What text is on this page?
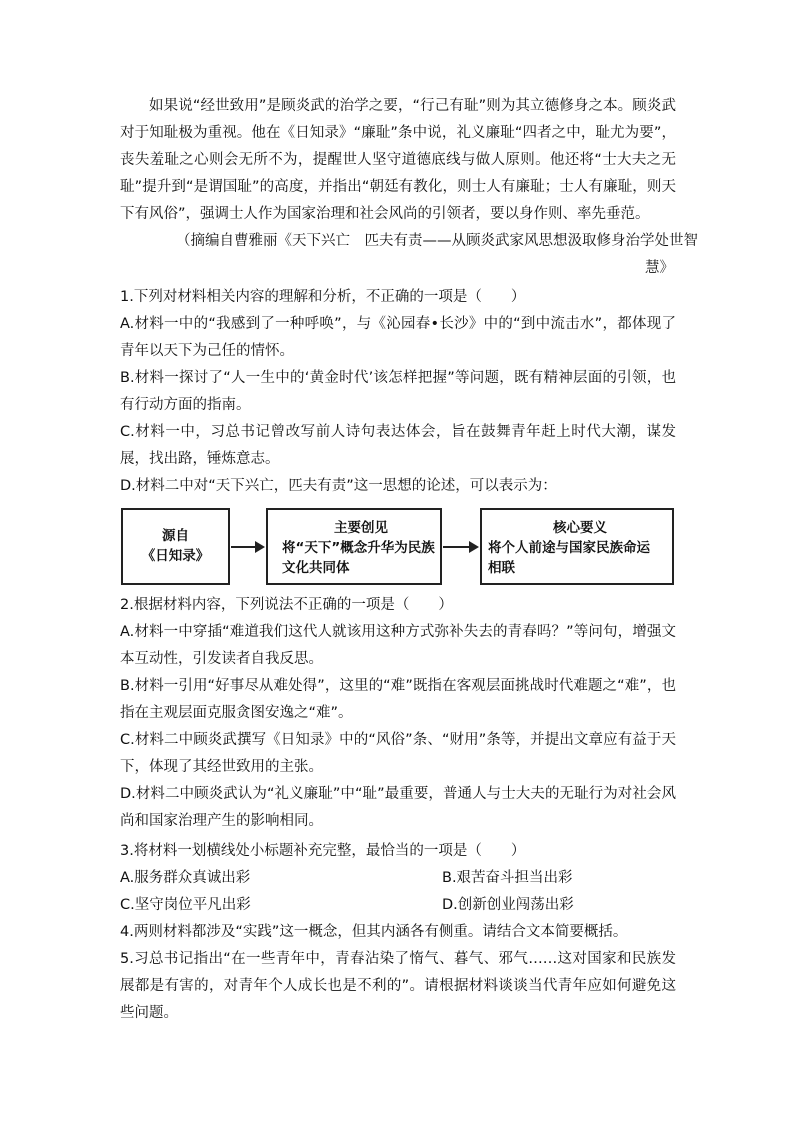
如果说“经世致用”是顾炎武的治学之要，“行己有耻”则为其立德修身之本。顾炎武对于知耻极为重视。他在《日知录》“廉耻”条中说，礼义廉耻“四者之中，耻尤为要”，丧失羞耻之心则会无所不为，提醒世人坚守道德底线与做人原则。他还将“士大夫之无耻”提升到“是谓国耻”的高度，并指出“朝廷有教化，则士人有廉耻；士人有廉耻，则天下有风俗”，强调士人作为国家治理和社会风尚的引领者，要以身作则、率先垂范。

（摘编自曹雅丽《天下兴亡　匹夫有责——从顾炎武家风思想汲取修身治学处世智

慧》

1.下列对材料相关内容的理解和分析，不正确的一项是（　　）

A.材料一中的“我感到了一种呼唤”，与《沁园春•长沙》中的“到中流击水”，都体现了青年以天下为己任的情怀。

B.材料一探讨了“人一生中的‘黄金时代’该怎样把握”等问题，既有精神层面的引领，也有行动方面的指南。

C.材料一中，习总书记曾改写前人诗句表达体会，旨在鼓舞青年赶上时代大潮，谋发展，找出路，锤炼意志。

D.材料二中对“天下兴亡，匹夫有责”这一思想的论述，可以表示为：

源自
《日知录》
主要创见
将“天下”概念升华为民族
文化共同体
核心要义
将个人前途与国家民族命运
相联

2.根据材料内容，下列说法不正确的一项是（　　）

A.材料一中穿插“难道我们这代人就该用这种方式弥补失去的青春吗？”等问句，增强文本互动性，引发读者自我反思。

B.材料一引用“好事尽从难处得”，这里的“难”既指在客观层面挑战时代难题之“难”，也指在主观层面克服贪图安逸之“难”。

C.材料二中顾炎武撰写《日知录》中的“风俗”条、“财用”条等，并提出文章应有益于天下，体现了其经世致用的主张。

D.材料二中顾炎武认为“礼义廉耻”中“耻”最重要，普通人与士大夫的无耻行为对社会风尚和国家治理产生的影响相同。

3.将材料一划横线处小标题补充完整，最恰当的一项是（　　）

A.服务群众真诚出彩	B.艰苦奋斗担当出彩

C.坚守岗位平凡出彩	D.创新创业闯荡出彩

4.两则材料都涉及“实践”这一概念，但其内涵各有侧重。请结合文本简要概括。

5.习总书记指出“在一些青年中，青春沾染了惰气、暮气、邪气……这对国家和民族发展都是有害的，对青年个人成长也是不利的”。请根据材料谈谈当代青年应如何避免这些问题。
